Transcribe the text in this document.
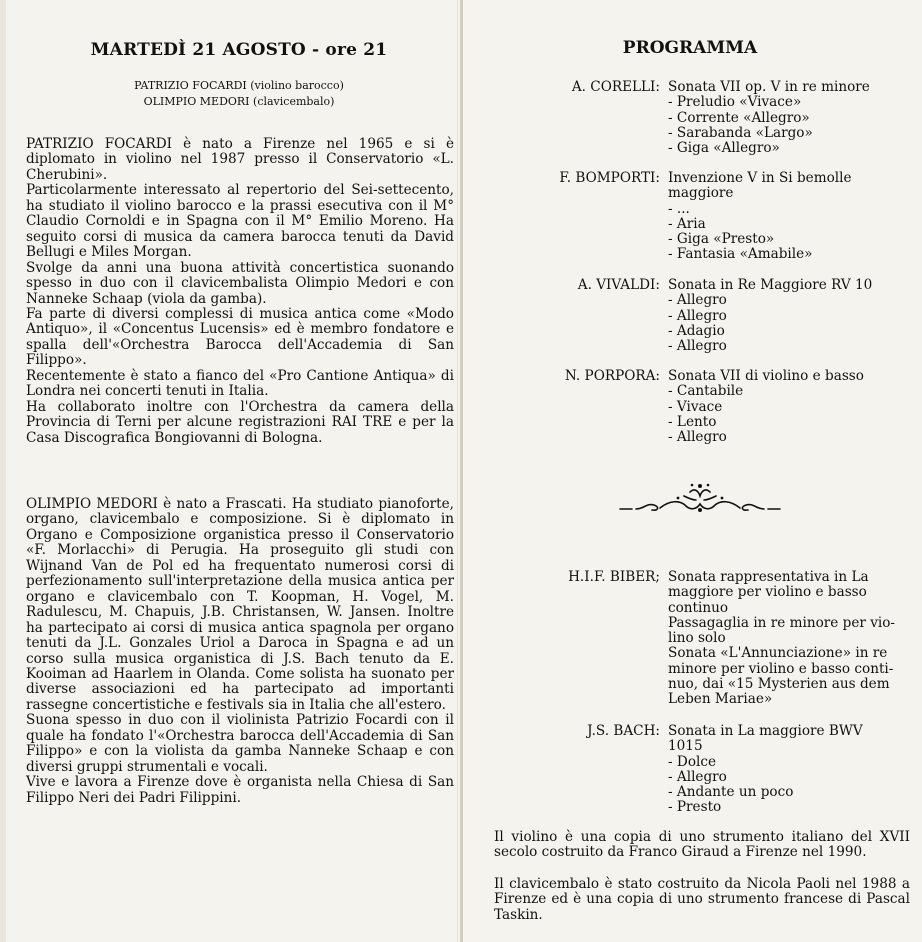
MARTEDÌ 21 AGOSTO - ore 21
PATRIZIO FOCARDI (violino barocco)
OLIMPIO MEDORI (clavicembalo)

PATRIZIO FOCARDI è nato a Firenze nel 1965 e si è diplomato in violino nel 1987 presso il Conservatorio «L. Cherubini».

Particolarmente interessato al repertorio del Sei-settecento, ha studiato il violino barocco e la prassi esecutiva con il M° Claudio Cornoldi e in Spagna con il M° Emilio Moreno. Ha seguito corsi di musica da camera barocca tenuti da David Bellugi e Miles Morgan.

Svolge da anni una buona attività concertistica suonando spesso in duo con il clavicembalista Olimpio Medori e con Nanneke Schaap (viola da gamba).

Fa parte di diversi complessi di musica antica come «Modo Antiquo», il «Concentus Lucensis» ed è membro fondatore e spalla dell'«Orchestra Barocca dell'Accademia di San Filippo».

Recentemente è stato a fianco del «Pro Cantione Antiqua» di Londra nei concerti tenuti in Italia.

Ha collaborato inoltre con l'Orchestra da camera della Provincia di Terni per alcune registrazioni RAI TRE e per la Casa Discografica Bongiovanni di Bologna.

OLIMPIO MEDORI è nato a Frascati. Ha studiato pianoforte, organo, clavicembalo e composizione. Si è diplomato in Organo e Composizione organistica presso il Conservatorio «F. Morlacchi» di Perugia. Ha proseguito gli studi con Wijnand Van de Pol ed ha frequentato numerosi corsi di perfezionamento sull'interpretazione della musica antica per organo e clavicembalo con T. Koopman, H. Vogel, M. Radulescu, M. Chapuis, J.B. Christansen, W. Jansen. Inoltre ha partecipato ai corsi di musica antica spagnola per organo tenuti da J.L. Gonzales Uriol a Daroca in Spagna e ad un corso sulla musica organistica di J.S. Bach tenuto da E. Kooiman ad Haarlem in Olanda. Come solista ha suonato per diverse associazioni ed ha partecipato ad importanti rassegne concertistiche e festivals sia in Italia che all'estero.

Suona spesso in duo con il violinista Patrizio Focardi con il quale ha fondato l'«Orchestra barocca dell'Accademia di San Filippo» e con la violista da gamba Nanneke Schaap e con diversi gruppi strumentali e vocali.

Vive e lavora a Firenze dove è organista nella Chiesa di San Filippo Neri dei Padri Filippini.

PROGRAMMA
A. CORELLI: Sonata VII op. V in re minore
- Preludio «Vivace»
- Corrente «Allegro»
- Sarabanda «Largo»
- Giga «Allegro»
F. BOMPORTI: Invenzione V in Si bemolle
maggiore
- ...
- Aria
- Giga «Presto»
- Fantasia «Amabile»
A. VIVALDI: Sonata in Re Maggiore RV 10
- Allegro
- Allegro
- Adagio
- Allegro
N. PORPORA: Sonata VII di violino e basso
- Cantabile
- Vivace
- Lento
- Allegro
H.I.F. BIBER; Sonata rappresentativa in La
maggiore per violino e basso
continuo
Passagaglia in re minore per vio-
lino solo
Sonata «L'Annunciazione» in re
minore per violino e basso conti-
nuo, dai «15 Mysterien aus dem
Leben Mariae»
J.S. BACH: Sonata in La maggiore BWV
1015
- Dolce
- Allegro
- Andante un poco
- Presto

Il violino è una copia di uno strumento italiano del XVII secolo costruito da Franco Giraud a Firenze nel 1990.

Il clavicembalo è stato costruito da Nicola Paoli nel 1988 a Firenze ed è una copia di uno strumento francese di Pascal Taskin.
